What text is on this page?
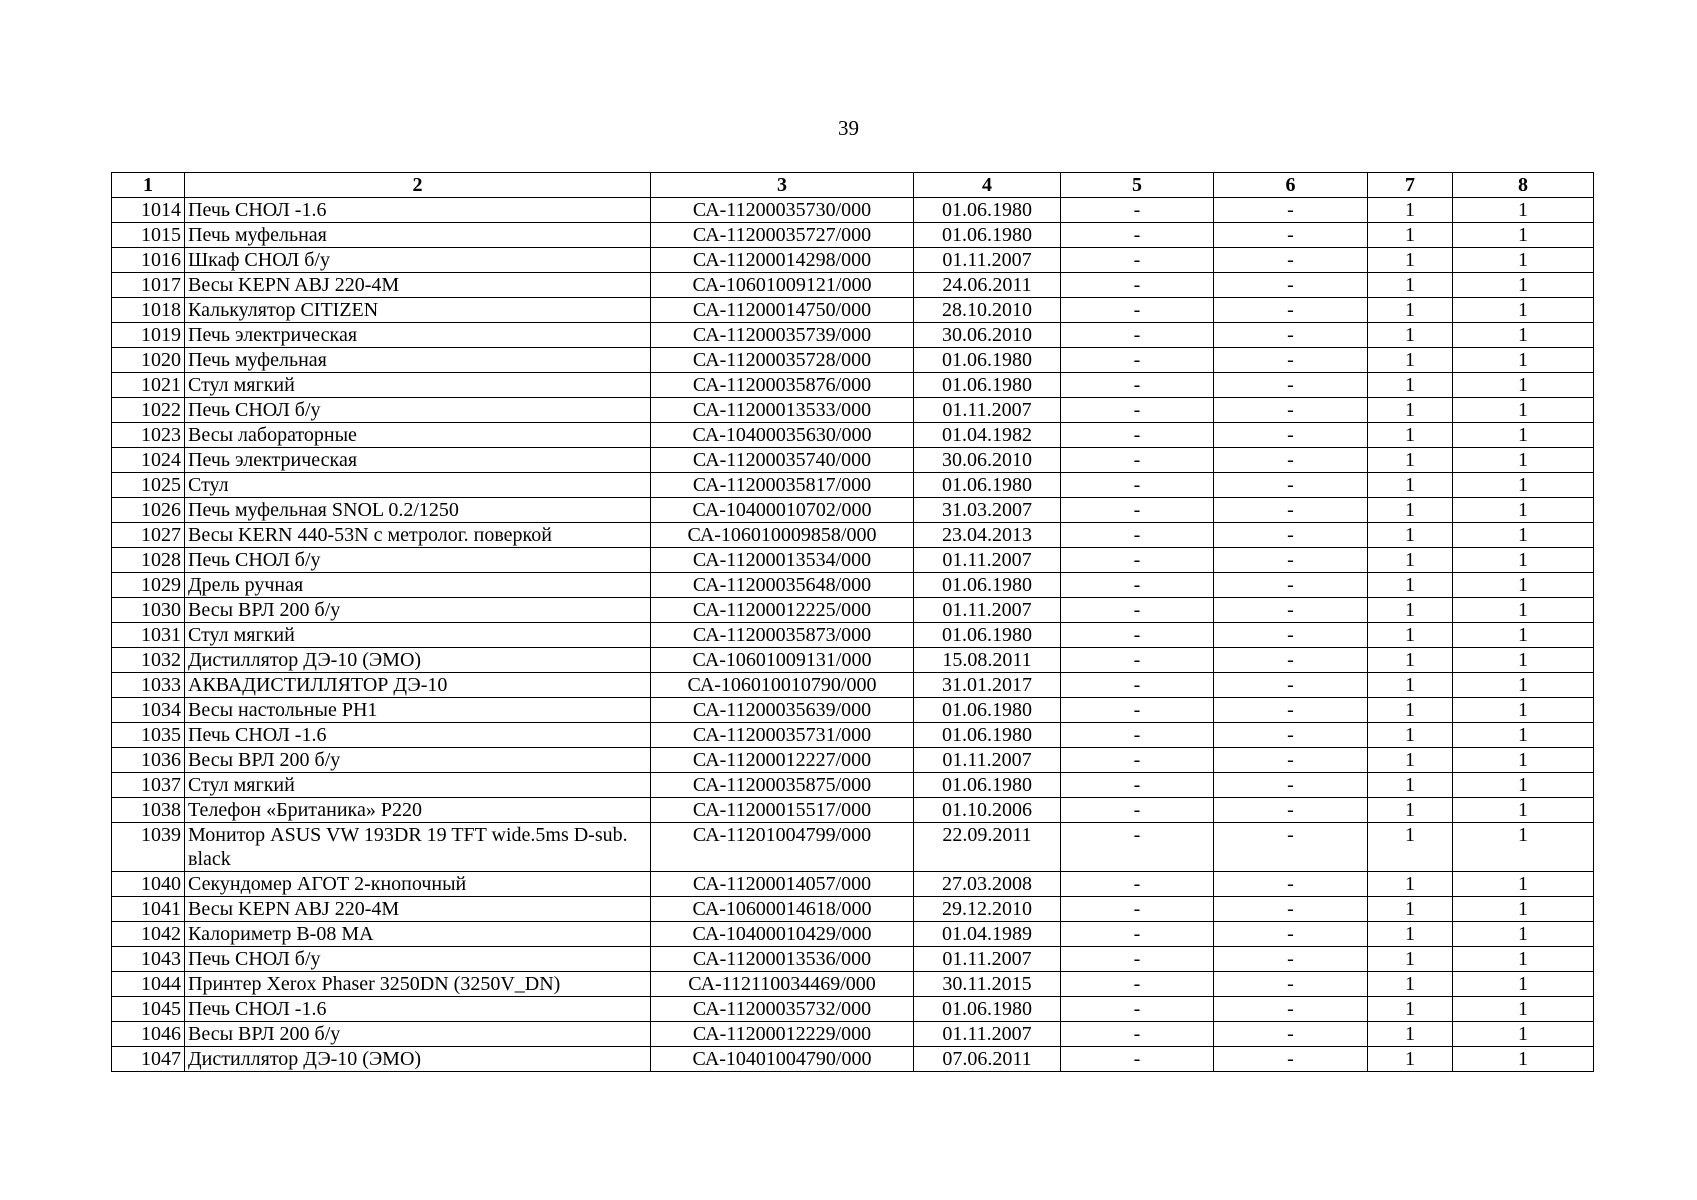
39
1	2	3	4	5	6	7	8
1014	Печь СНОЛ -1.6	СА-11200035730/000	01.06.1980	-	-	1	1
1015	Печь муфельная	СА-11200035727/000	01.06.1980	-	-	1	1
1016	Шкаф СНОЛ б/у	СА-11200014298/000	01.11.2007	-	-	1	1
1017	Весы KEPN ABJ 220-4M	СА-10601009121/000	24.06.2011	-	-	1	1
1018	Калькулятор CITIZEN	СА-11200014750/000	28.10.2010	-	-	1	1
1019	Печь электрическая	СА-11200035739/000	30.06.2010	-	-	1	1
1020	Печь муфельная	СА-11200035728/000	01.06.1980	-	-	1	1
1021	Стул мягкий	СА-11200035876/000	01.06.1980	-	-	1	1
1022	Печь СНОЛ б/у	СА-11200013533/000	01.11.2007	-	-	1	1
1023	Весы лабораторные	СА-10400035630/000	01.04.1982	-	-	1	1
1024	Печь электрическая	СА-11200035740/000	30.06.2010	-	-	1	1
1025	Стул	СА-11200035817/000	01.06.1980	-	-	1	1
1026	Печь муфельная SNOL 0.2/1250	СА-10400010702/000	31.03.2007	-	-	1	1
1027	Весы KERN 440-53N с метролог. поверкой	СА-106010009858/000	23.04.2013	-	-	1	1
1028	Печь СНОЛ б/у	СА-11200013534/000	01.11.2007	-	-	1	1
1029	Дрель ручная	СА-11200035648/000	01.06.1980	-	-	1	1
1030	Весы ВРЛ 200 б/у	СА-11200012225/000	01.11.2007	-	-	1	1
1031	Стул мягкий	СА-11200035873/000	01.06.1980	-	-	1	1
1032	Дистиллятор ДЭ-10 (ЭМО)	СА-10601009131/000	15.08.2011	-	-	1	1
1033	АКВАДИСТИЛЛЯТОР ДЭ-10	СА-106010010790/000	31.01.2017	-	-	1	1
1034	Весы настольные РН1	СА-11200035639/000	01.06.1980	-	-	1	1
1035	Печь СНОЛ -1.6	СА-11200035731/000	01.06.1980	-	-	1	1
1036	Весы ВРЛ 200 б/у	СА-11200012227/000	01.11.2007	-	-	1	1
1037	Стул мягкий	СА-11200035875/000	01.06.1980	-	-	1	1
1038	Телефон «Британика» Р220	СА-11200015517/000	01.10.2006	-	-	1	1
1039	Монитор ASUS VW 193DR 19 TFT wide.5ms D-sub. вlack	СА-11201004799/000	22.09.2011	-	-	1	1
1040	Секундомер АГОТ 2-кнопочный	СА-11200014057/000	27.03.2008	-	-	1	1
1041	Весы KEPN ABJ 220-4M	СА-10600014618/000	29.12.2010	-	-	1	1
1042	Калориметр В-08 МА	СА-10400010429/000	01.04.1989	-	-	1	1
1043	Печь СНОЛ б/у	СА-11200013536/000	01.11.2007	-	-	1	1
1044	Принтер Xerox Phaser 3250DN (3250V_DN)	СА-112110034469/000	30.11.2015	-	-	1	1
1045	Печь СНОЛ -1.6	СА-11200035732/000	01.06.1980	-	-	1	1
1046	Весы ВРЛ 200 б/у	СА-11200012229/000	01.11.2007	-	-	1	1
1047	Дистиллятор ДЭ-10 (ЭМО)	СА-10401004790/000	07.06.2011	-	-	1	1
